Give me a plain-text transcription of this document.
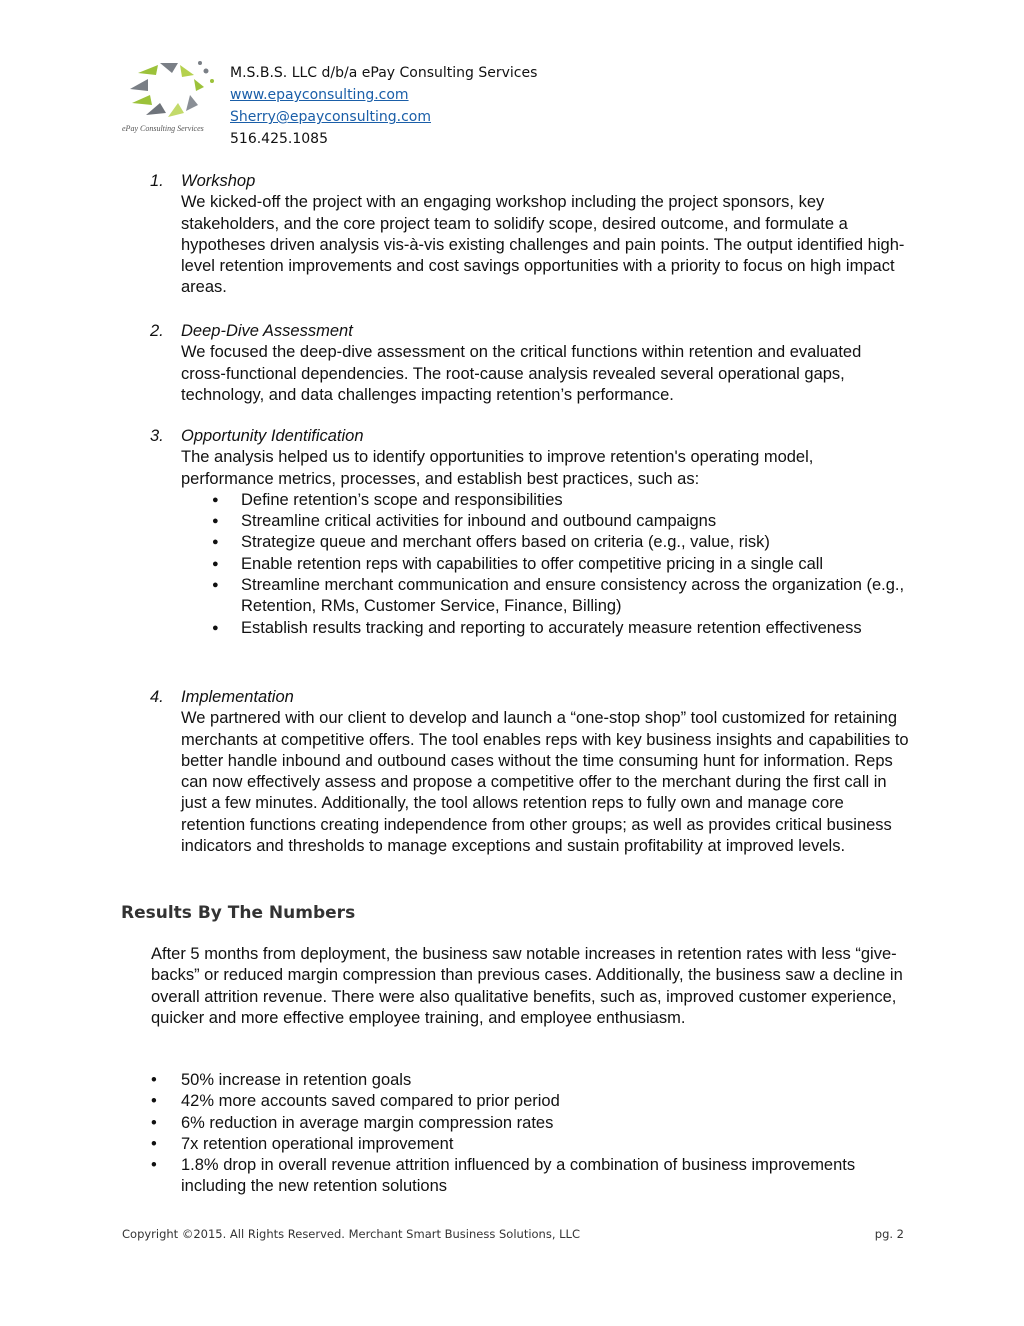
ePay Consulting Services
M.S.B.S. LLC d/b/a ePay Consulting Services
www.epayconsulting.com
Sherry@epayconsulting.com
516.425.1085
1. Workshop
We kicked-off the project with an engaging workshop including the project sponsors, key stakeholders, and the core project team to solidify scope, desired outcome, and formulate a hypotheses driven analysis vis-à-vis existing challenges and pain points. The output identified high-level retention improvements and cost savings opportunities with a priority to focus on high impact areas.
2. Deep-Dive Assessment
We focused the deep-dive assessment on the critical functions within retention and evaluated cross-functional dependencies. The root-cause analysis revealed several operational gaps, technology, and data challenges impacting retention’s performance.
3. Opportunity Identification
The analysis helped us to identify opportunities to improve retention's operating model, performance metrics, processes, and establish best practices, such as:
● Define retention’s scope and responsibilities
● Streamline critical activities for inbound and outbound campaigns
● Strategize queue and merchant offers based on criteria (e.g., value, risk)
● Enable retention reps with capabilities to offer competitive pricing in a single call
● Streamline merchant communication and ensure consistency across the organization (e.g., Retention, RMs, Customer Service, Finance, Billing)
● Establish results tracking and reporting to accurately measure retention effectiveness
4. Implementation
We partnered with our client to develop and launch a “one-stop shop” tool customized for retaining merchants at competitive offers. The tool enables reps with key business insights and capabilities to better handle inbound and outbound cases without the time consuming hunt for information. Reps can now effectively assess and propose a competitive offer to the merchant during the first call in just a few minutes. Additionally, the tool allows retention reps to fully own and manage core retention functions creating independence from other groups; as well as provides critical business indicators and thresholds to manage exceptions and sustain profitability at improved levels.
Results By The Numbers
After 5 months from deployment, the business saw notable increases in retention rates with less “give-backs” or reduced margin compression than previous cases. Additionally, the business saw a decline in overall attrition revenue. There were also qualitative benefits, such as, improved customer experience, quicker and more effective employee training, and employee enthusiasm.
• 50% increase in retention goals
• 42% more accounts saved compared to prior period
• 6% reduction in average margin compression rates
• 7x retention operational improvement
• 1.8% drop in overall revenue attrition influenced by a combination of business improvements including the new retention solutions
Copyright ©2015. All Rights Reserved. Merchant Smart Business Solutions, LLC	pg. 2
